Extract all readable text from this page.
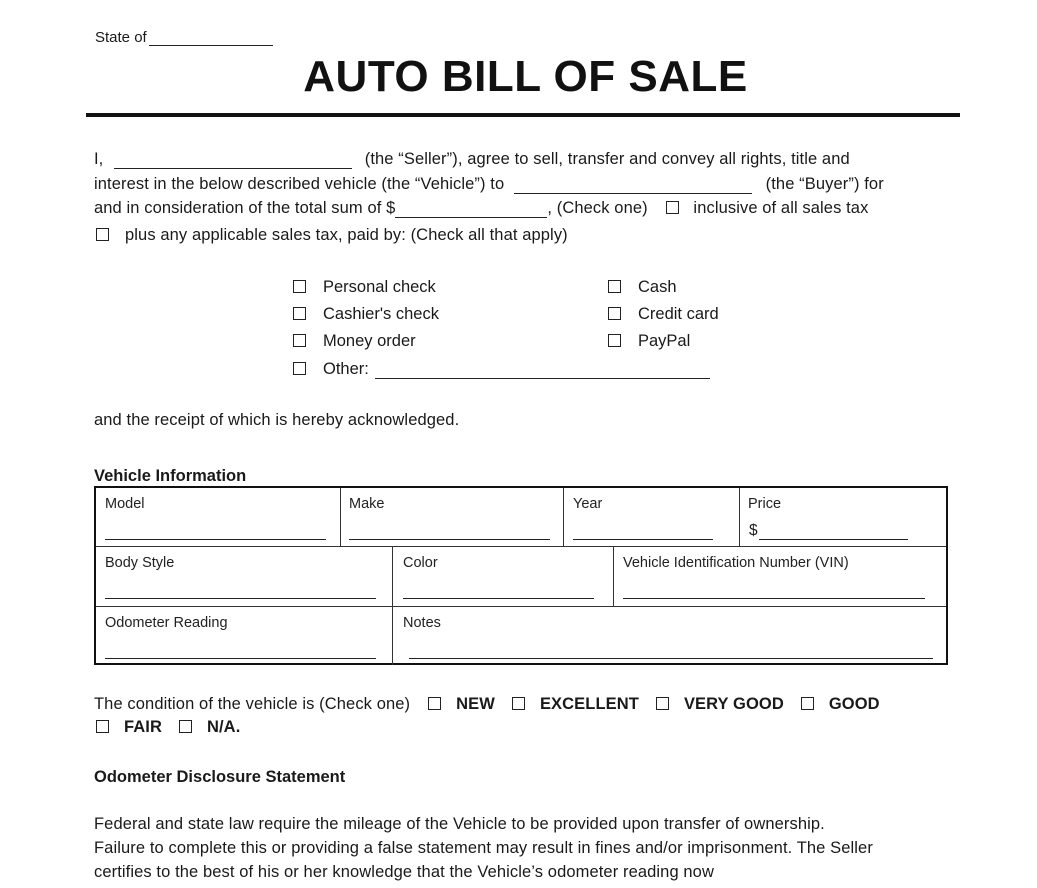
State of
AUTO BILL OF SALE
I,	(the “Seller”), agree to sell, transfer and convey all rights, title and
interest in the below described vehicle (the “Vehicle”) to	(the “Buyer”) for
and in consideration of the total sum of $	, (Check one)	inclusive of all sales tax
plus any applicable sales tax, paid by: (Check all that apply)
Personal check
Cashier's check
Money order
Other:
Cash
Credit card
PayPal
and the receipt of which is hereby acknowledged.
Vehicle Information
Model	Make	Year	Price
$
Body Style	Color	Vehicle Identification Number (VIN)
Odometer Reading	Notes
The condition of the vehicle is (Check one)	NEW	EXCELLENT	VERY GOOD	GOOD
FAIR	N/A.
Odometer Disclosure Statement
Federal and state law require the mileage of the Vehicle to be provided upon transfer of ownership.
Failure to complete this or providing a false statement may result in fines and/or imprisonment. The Seller
certifies to the best of his or her knowledge that the Vehicle’s odometer reading now
